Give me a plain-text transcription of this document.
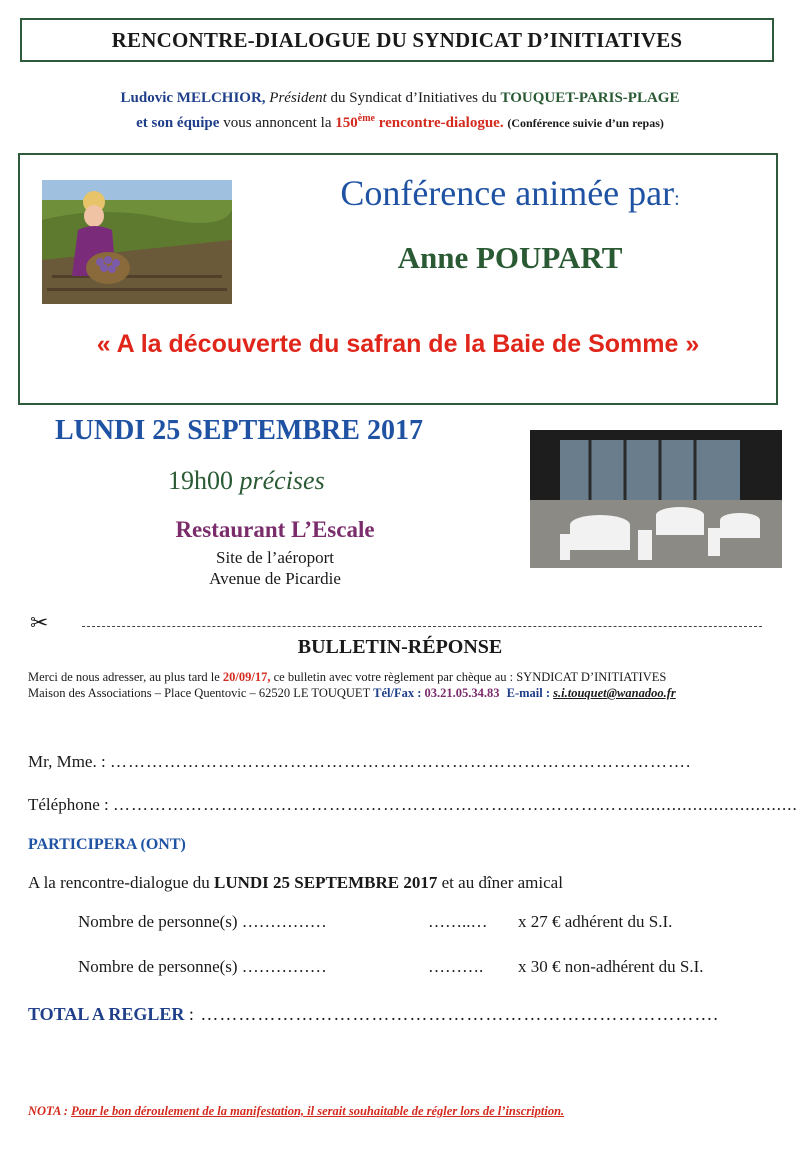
RENCONTRE-DIALOGUE DU SYNDICAT D’INITIATIVES
Ludovic MELCHIOR, Président du Syndicat d’Initiatives du TOUQUET-PARIS-PLAGE
et son équipe vous annoncent la 150ème rencontre-dialogue. (Conférence suivie d’un repas)
Conférence animée par:
Anne POUPART
« A la découverte du safran de la Baie de Somme »
LUNDI 25 SEPTEMBRE 2017
19h00 précises
Restaurant L’Escale
Site de l’aéroport
Avenue de Picardie
✂
BULLETIN-RÉPONSE
Merci de nous adresser, au plus tard le 20/09/17, ce bulletin avec votre règlement par chèque au : SYNDICAT D’INITIATIVES
Maison des Associations – Place Quentovic – 62520 LE TOUQUET Tél/Fax : 03.21.05.34.83 E-mail : s.i.touquet@wanadoo.fr
Mr, Mme. : …………………………………………………………………………………….
Téléphone : ……………………………………………………………………………...............................
PARTICIPERA (ONT)
A la rencontre-dialogue du LUNDI 25 SEPTEMBRE 2017 et au dîner amical
Nombre de personne(s) ……………	……..… x 27 € adhérent du S.I.
Nombre de personne(s) ……………	………. x 30 € non-adhérent du S.I.
TOTAL A REGLER : ……………………………………………………………………….
NOTA : Pour le bon déroulement de la manifestation, il serait souhaitable de régler lors de l’inscription.
